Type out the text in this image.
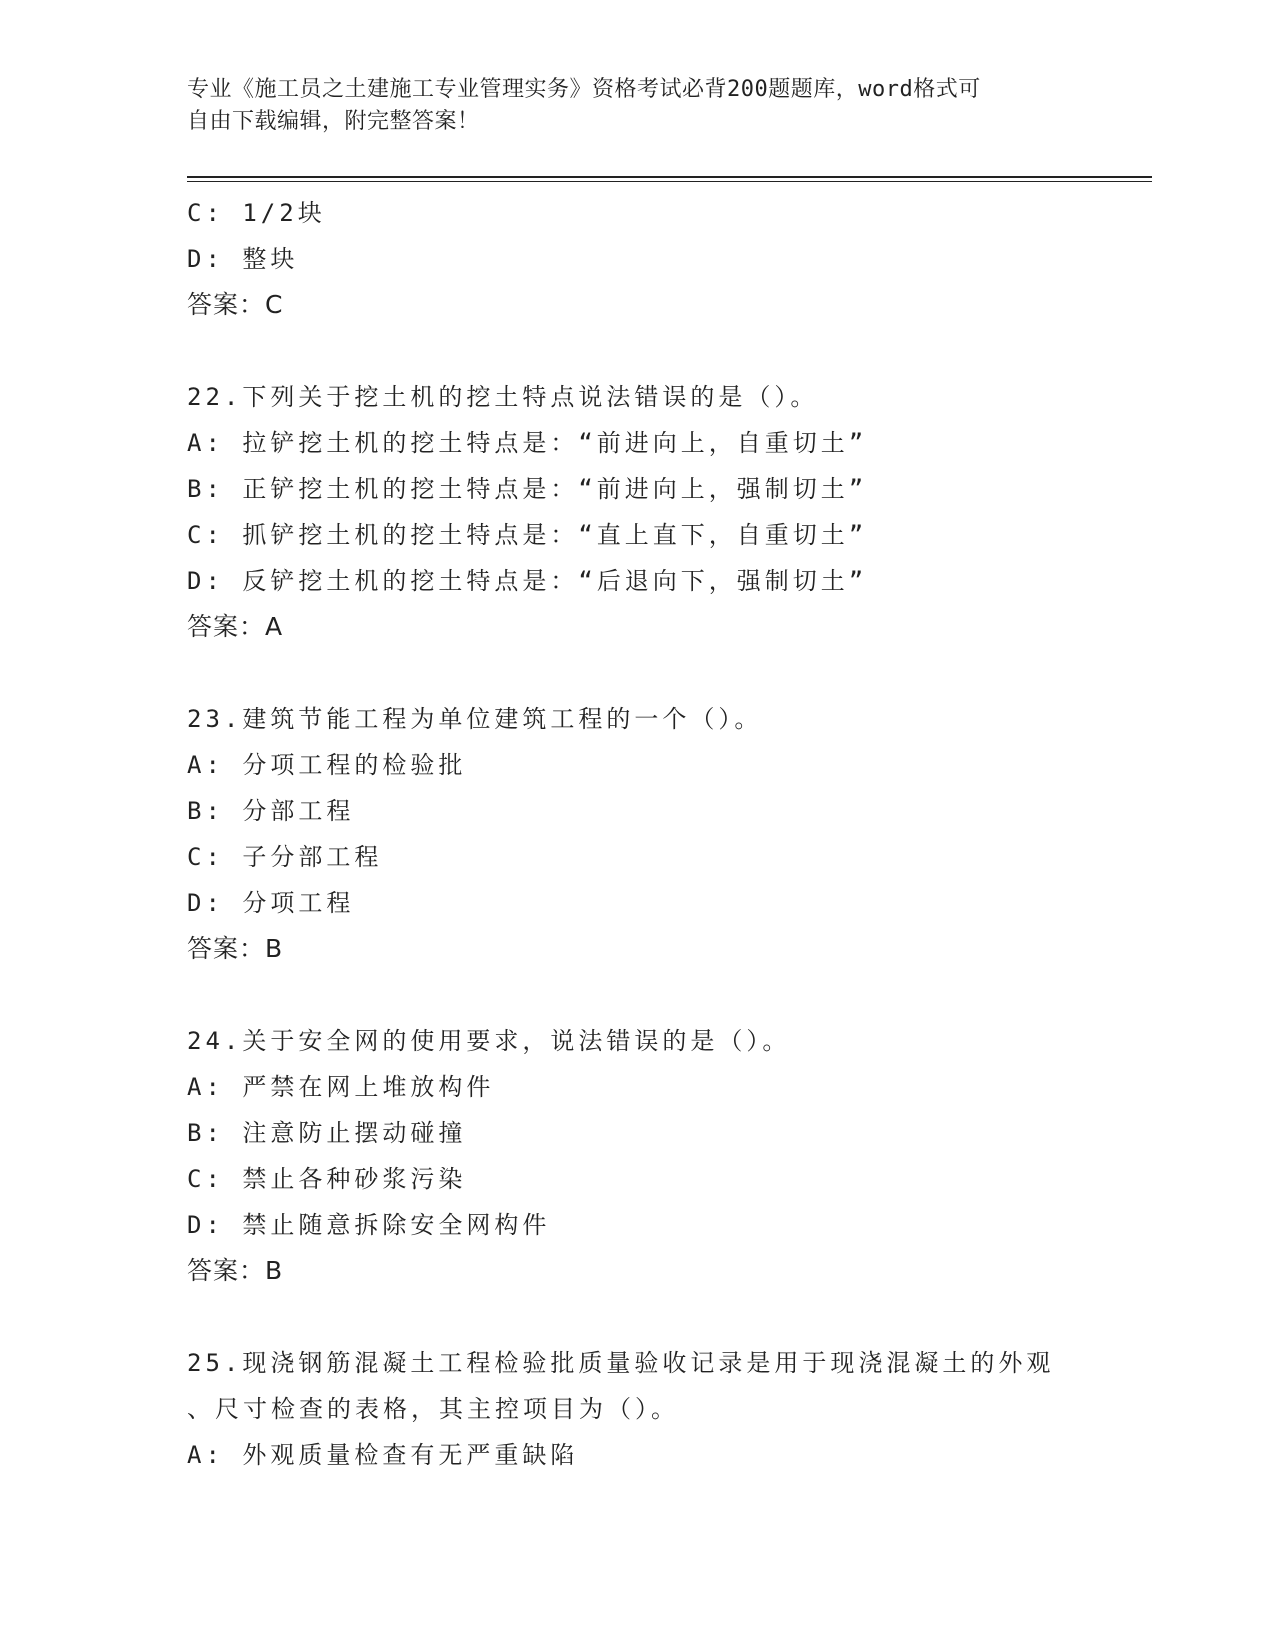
专业《施工员之土建施工专业管理实务》资格考试必背200题题库，word格式可
自由下载编辑，附完整答案！
C: 1/2块
D: 整块
答案：C
22.下列关于挖土机的挖土特点说法错误的是（）。
A: 拉铲挖土机的挖土特点是：“前进向上，自重切土”
B: 正铲挖土机的挖土特点是：“前进向上，强制切土”
C: 抓铲挖土机的挖土特点是：“直上直下，自重切土”
D: 反铲挖土机的挖土特点是：“后退向下，强制切土”
答案：A
23.建筑节能工程为单位建筑工程的一个（）。
A: 分项工程的检验批
B: 分部工程
C: 子分部工程
D: 分项工程
答案：B
24.关于安全网的使用要求，说法错误的是（）。
A: 严禁在网上堆放构件
B: 注意防止摆动碰撞
C: 禁止各种砂浆污染
D: 禁止随意拆除安全网构件
答案：B
25.现浇钢筋混凝土工程检验批质量验收记录是用于现浇混凝土的外观
、尺寸检查的表格，其主控项目为（）。
A: 外观质量检查有无严重缺陷
